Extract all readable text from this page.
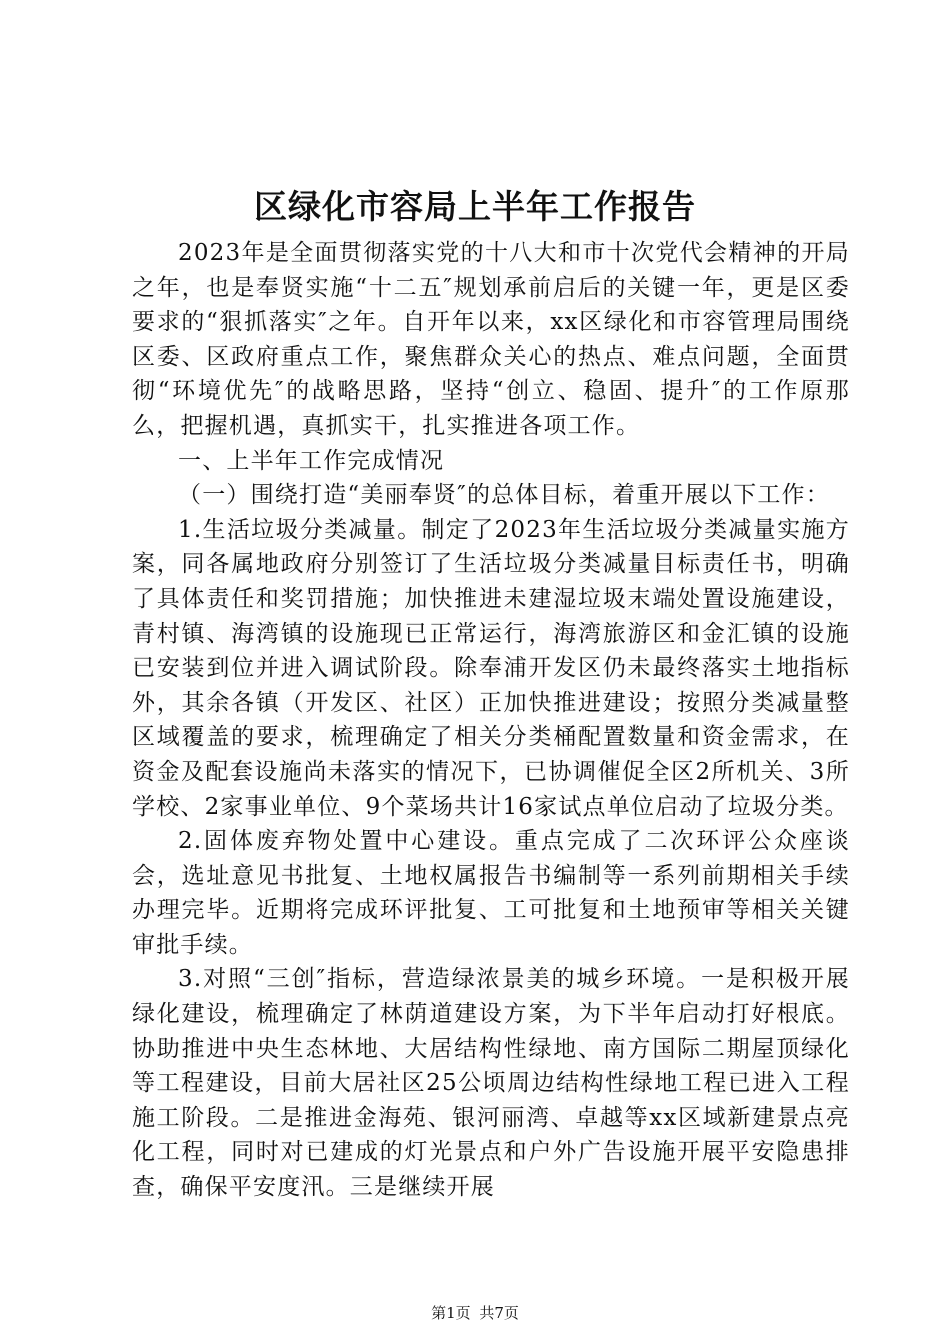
区绿化市容局上半年工作报告

2023年是全面贯彻落实党的十八大和市十次党代会精神的开局之年，也是奉贤实施“十二五″规划承前启后的关键一年，更是区委要求的“狠抓落实″之年。自开年以来，xx区绿化和市容管理局围绕区委、区政府重点工作，聚焦群众关心的热点、难点问题，全面贯彻“环境优先″的战略思路，坚持“创立、稳固、提升″的工作原那么，把握机遇，真抓实干，扎实推进各项工作。

一、上半年工作完成情况

（一）围绕打造“美丽奉贤″的总体目标，着重开展以下工作：

1.生活垃圾分类减量。制定了2023年生活垃圾分类减量实施方案，同各属地政府分别签订了生活垃圾分类减量目标责任书，明确了具体责任和奖罚措施；加快推进未建湿垃圾末端处置设施建设，青村镇、海湾镇的设施现已正常运行，海湾旅游区和金汇镇的设施已安装到位并进入调试阶段。除奉浦开发区仍未最终落实土地指标外，其余各镇（开发区、社区）正加快推进建设；按照分类减量整区域覆盖的要求，梳理确定了相关分类桶配置数量和资金需求，在资金及配套设施尚未落实的情况下，已协调催促全区2所机关、3所学校、2家事业单位、9个菜场共计16家试点单位启动了垃圾分类。

2.固体废弃物处置中心建设。重点完成了二次环评公众座谈会，选址意见书批复、土地权属报告书编制等一系列前期相关手续办理完毕。近期将完成环评批复、工可批复和土地预审等相关关键审批手续。

3.对照“三创″指标，营造绿浓景美的城乡环境。一是积极开展绿化建设，梳理确定了林荫道建设方案，为下半年启动打好根底。协助推进中央生态林地、大居结构性绿地、南方国际二期屋顶绿化等工程建设，目前大居社区25公顷周边结构性绿地工程已进入工程施工阶段。二是推进金海苑、银河丽湾、卓越等xx区域新建景点亮化工程，同时对已建成的灯光景点和户外广告设施开展平安隐患排查，确保平安度汛。三是继续开展

第1页 共7页
